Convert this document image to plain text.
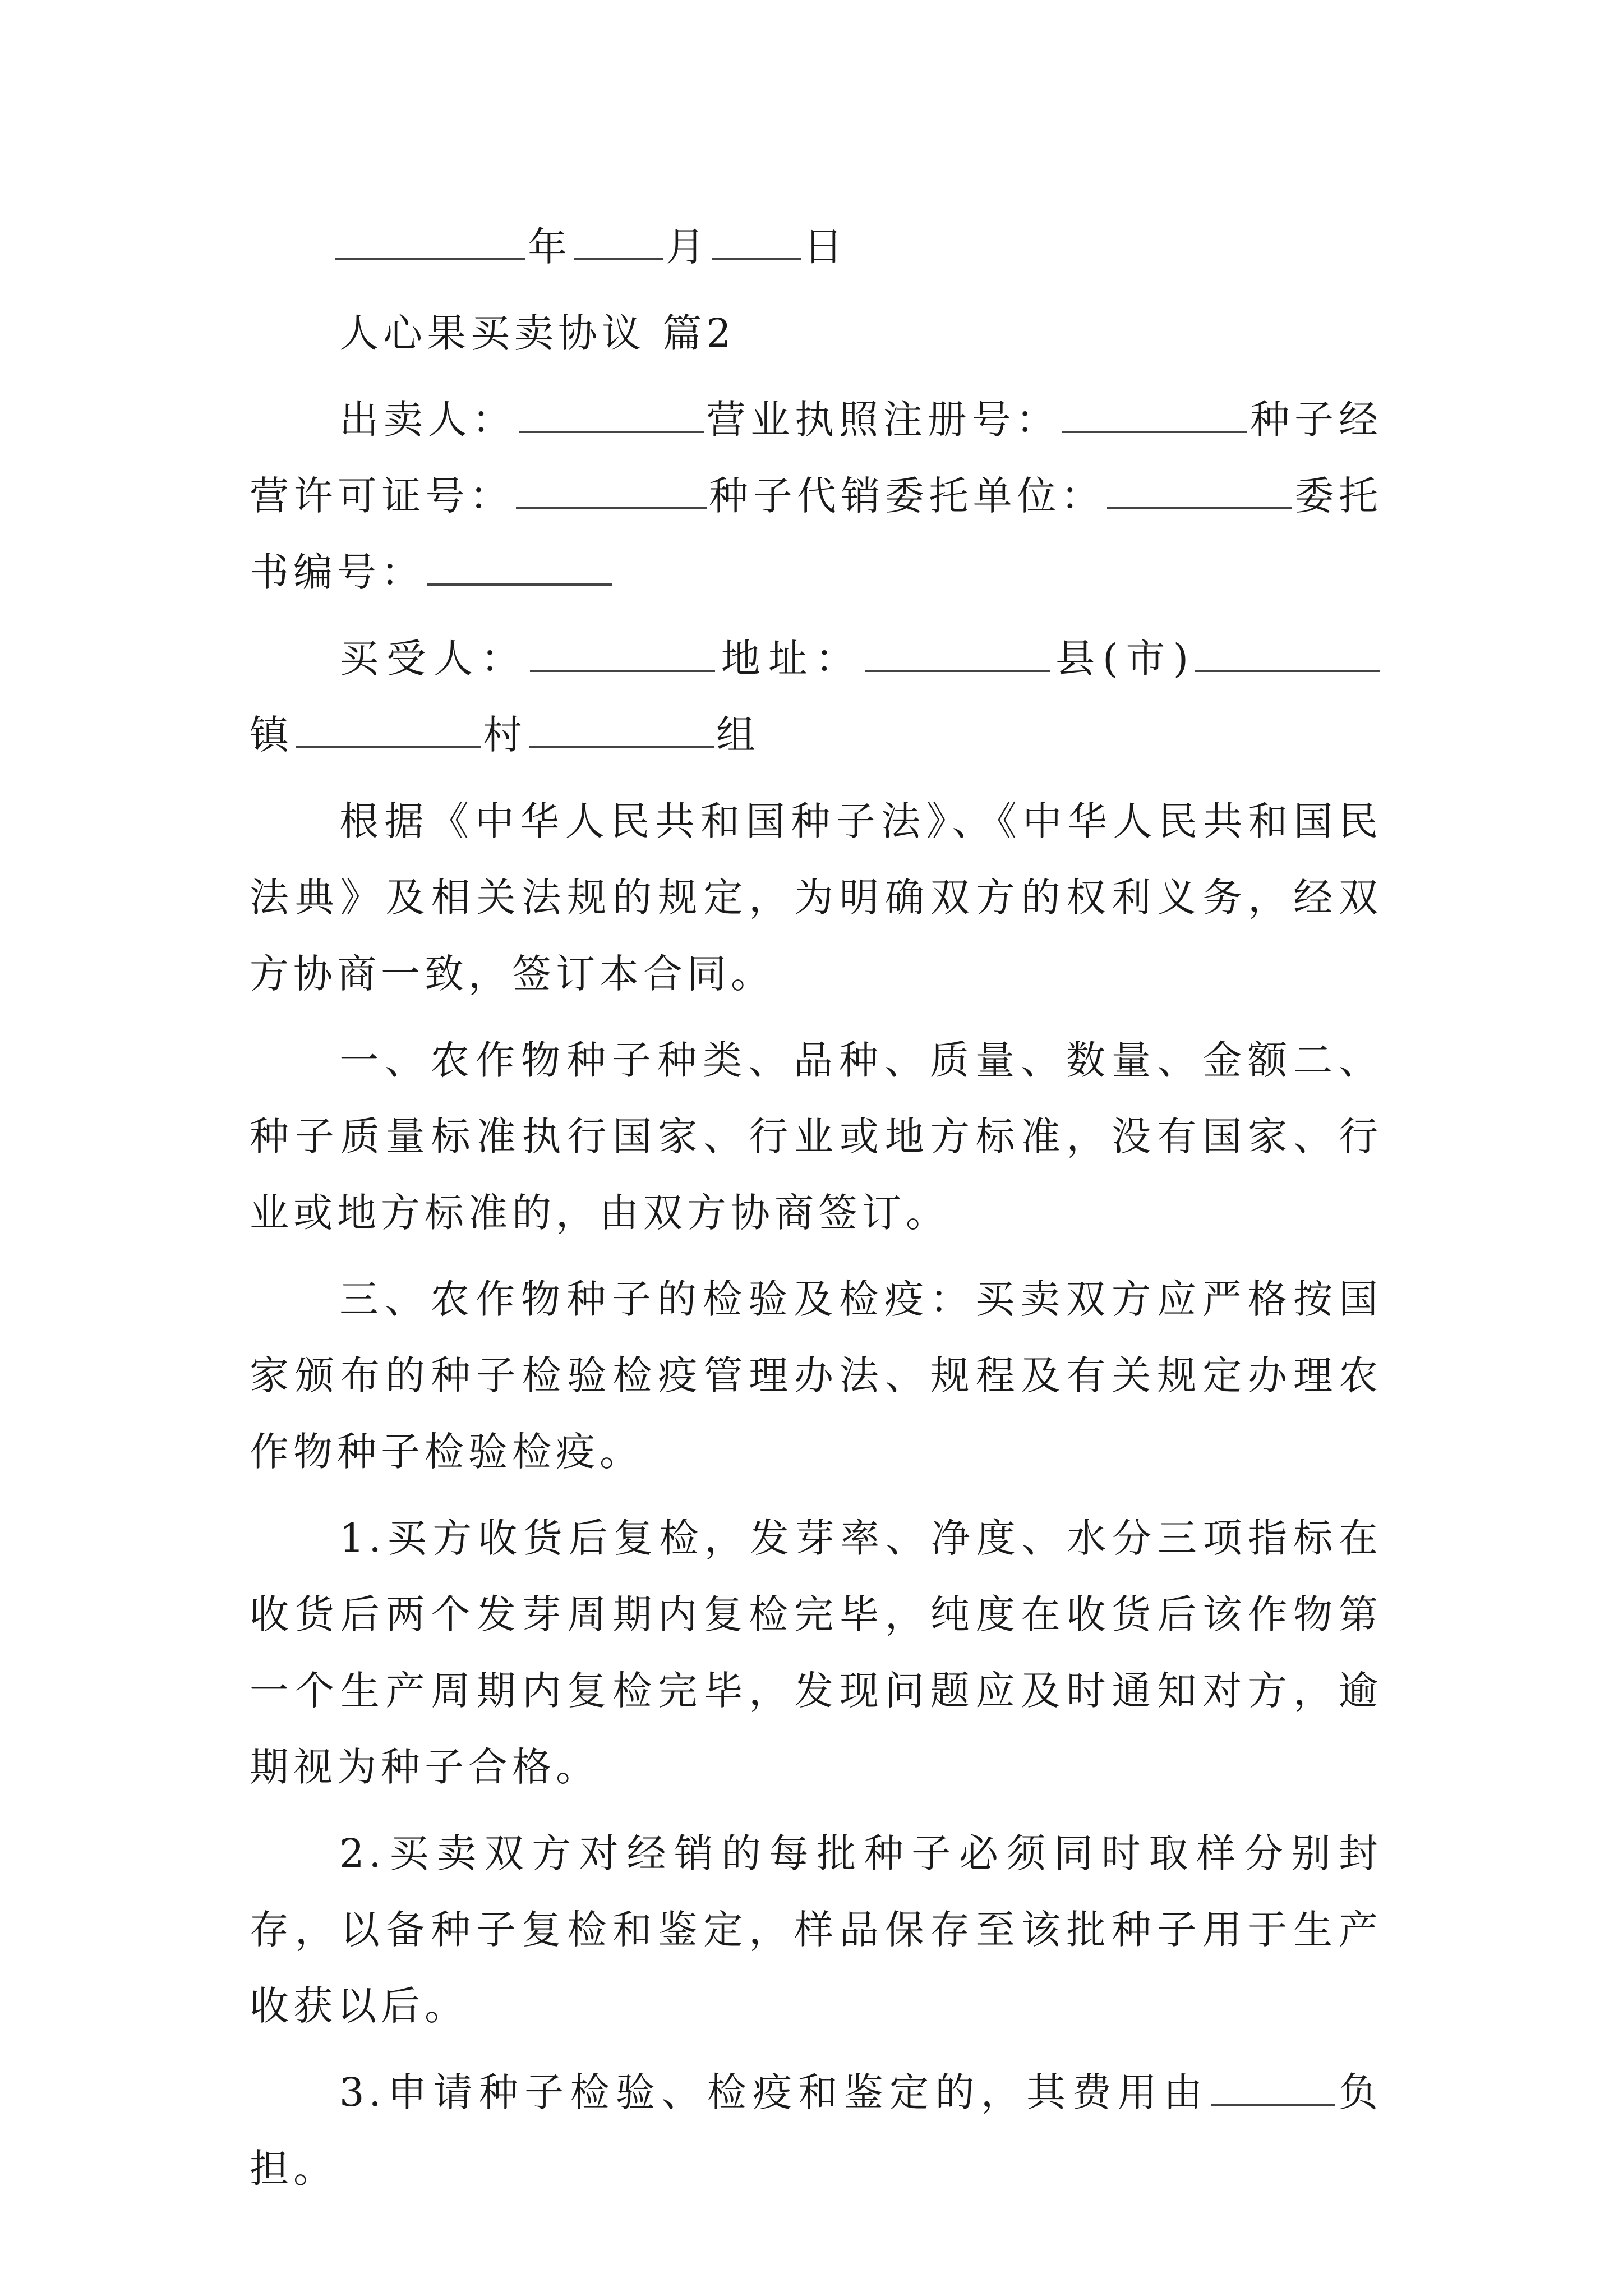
年 月 日

人心果买卖协议 篇2

出卖人：	营业执照注册号：	种子经营许可证号：	种子代销委托单位：	委托书编号：

买受人：	地址：	县(市)镇	村	组

根据《中华人民共和国种子法》、《中华人民共和国民法典》及相关法规的规定，为明确双方的权利义务，经双方协商一致，签订本合同。

一、农作物种子种类、品种、质量、数量、金额二、种子质量标准执行国家、行业或地方标准，没有国家、行业或地方标准的，由双方协商签订。

三、农作物种子的检验及检疫：买卖双方应严格按国家颁布的种子检验检疫管理办法、规程及有关规定办理农作物种子检验检疫。

1.买方收货后复检，发芽率、净度、水分三项指标在收货后两个发芽周期内复检完毕，纯度在收货后该作物第一个生产周期内复检完毕，发现问题应及时通知对方，逾期视为种子合格。

2.买卖双方对经销的每批种子必须同时取样分别封存，以备种子复检和鉴定，样品保存至该批种子用于生产收获以后。

3.申请种子检验、检疫和鉴定的，其费用由	负担。
